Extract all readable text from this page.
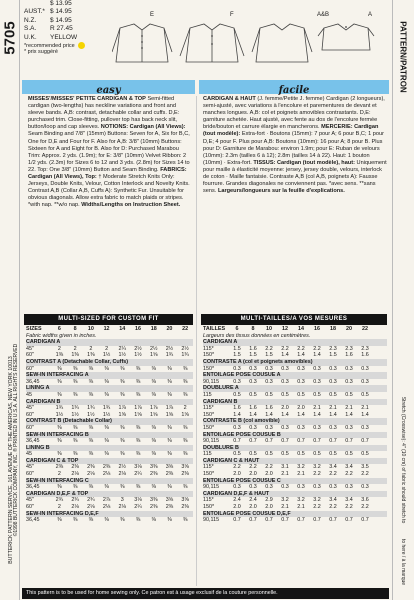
5705
BUTTERICK PATTERN SERVICE, 161 AVENUE OF THE AMERICAS, NEW YORK 10013 ©1998 BUTTERICK COMPANY, INC. ® PRINTED IN U.S.A. ALL RIGHTS RESERVED
PATTERN/PATRON
Stretch (Crosswise): 4" (10 cm) of fabric should stretch to
to here / à la marque
$ 13.95
AUST.* $ 14.95
N.Z.	$ 14.95
S.A.	R 27.45
U.K.	YELLOW
*recommended price
* prix suggéré
E	F	A&B	A
easy	facile
MISSES'/MISSES' PETITE CARDIGAN & TOP Semi-fitted cardigan (two-lengths) has neckline variations and front and sleeve bands. A,B: contrast, detachable collar and cuffs. D,E: purchased trim. Close-fitting, pullover top has back neck slit, button/loop and cap sleeves. NOTIONS: Cardigan (All Views): Seam Binding and 7/8" (15mm) Buttons: Seven for A, Six for B,C, One for D,E and Four for F. Also for A,B: 3/8" (10mm) Buttons: Sixteen for A and Eight for B. Also for D: Purchased Marabou Trim: Approx. 2 yds. (1.9m); for E: 3/8" (10mm) Velvet Ribbon: 2 1/2 yds. (2.3m) for Sizes 6 to 12 and 3 yds. (2.8m) for Sizes 14 to 22. Top: One 3/8" (10mm) Button and Seam Binding. FABRICS: Cardigan (All Views), Top: † Moderate Stretch Knits Only: Jerseys, Double Knits, Velour, Cotton Interlock and Novelty Knits. Contrast A,B (Collar A,B, Cuffs A): Synthetic Fur. Unsuitable for obvious diagonals. Allow extra fabric to match plaids or stripes. *with nap. **w/o nap. Widths/Lengths on Instruction Sheet.
CARDIGAN & HAUT (J. femme/Petite J. femme) Cardigan (2 longueurs), semi-ajusté, avec variations à l'encolure et parementures de devant et manches longues. A,B: col et poignets amovibles contrastants. D,E: garniture achetée. Haut ajusté, avec fente au dos de l'encolure fermée bride/bouton et carrure élargie en mancherons. MERCERIE: Cardigan (tout modèle): Extra-fort · Boutons (15mm): 7 pour A; 6 pour B,C; 1 pour D,E; 4 pour F. Plus pour A,B: Boutons (10mm): 16 pour A; 8 pour B. Plus pour D: Garniture de Marabou: environ 1.9m; pour E: Ruban de velours (10mm): 2.3m (tailles 6 à 12); 2.8m (tailles 14 à 22). Haut: 1 bouton (10mm) · Extra-fort. TISSUS: Cardigan (tout modèle), haut: Uniquement pour maille à élasticité moyenne: jersey, jersey double, velours, interlock de coton · Maille fantaisie. Contraste A,B (col A,B, poignets A): Fausse fourrure. Grandes diagonales ne conviennent pas. *avec sens. **sans sens. Largeurs/longueurs sur la feuille d'explications.
MULTI-SIZED FOR CUSTOM FIT	MULTI-TAILLES/A VOS MESURES
SIZES	6	8	10	12	14	16	18	20	22
Fabric widths given in inches.
CARDIGAN A
45"	2	2	2	2	2¼	2½	2½	2½	2½
60"	1⅜	1⅜	1⅜	1½	1½	1½	1⅝	1¾	1¾
CONTRAST A (Detachable Collar, Cuffs)
60"	⅜	⅜	⅜	⅜	⅜	⅜	⅜	⅜	⅜
SEW-IN INTERFACING A
36,45	⅜	⅜	⅜	⅜	⅜	⅜	⅜	⅜	⅜
LINING A
45	⅜	⅜	⅜	⅜	⅜	⅜	⅜	⅜	⅜
CARDIGAN B
45"	1¾	1¾	1¾	1¾	1⅞	1⅞	1⅞	1⅞	2
60"	1½	1½	1½	1½	1⅝	1⅝	1⅝	1⅝	1⅝
CONTRAST B (Detachable Collar)
60"	⅜	⅜	⅜	⅜	⅜	⅜	⅜	⅜	⅜
SEW-IN INTERFACING B
36,45	⅜	⅜	⅜	⅜	⅜	⅜	⅜	⅜	⅜
LINING B
45	⅜	⅜	⅜	⅜	⅜	⅜	⅜	⅜	⅜
CARDIGAN C & TOP
45"	2⅜	2⅜	2⅜	2⅜	2½	3⅛	3⅜	3⅝	3⅝
60"	2	2⅛	2⅛	2⅛	2⅛	2¼	2⅜	2⅜	2⅜
SEW-IN INTERFACING C
36,45	⅜	⅜	⅜	⅜	⅜	⅜	⅜	⅜	⅜
CARDIGAN D,E,F & TOP
45"	2¾	2¾	2¾	2⅞	3	3⅛	3⅜	3⅝	3⅝
60"	2	2⅛	2⅛	2⅛	2⅛	2¼	2⅜	2⅜	2⅜
SEW-IN INTERFACING D,E,F
36,45	⅜	⅜	⅜	⅜	⅜	⅜	⅜	⅜	⅜
TAILLES	6	8	10	12	14	16	18	20	22
Largeurs des tissus données en centimètres.
CARDIGAN A
115*	1.5	1.6	2.2	2.2	2.2	2.2	2.3	2.3	2.3
150*	1.5	1.5	1.5	1.4	1.4	1.4	1.5	1.6	1.6
CONTRASTE A (col et poignets amovibles)
150*	0.3	0.3	0.3	0.3	0.3	0.3	0.3	0.3	0.3
ENTOILAGE POSE COUSUE A
90,115	0.3	0.3	0.3	0.3	0.3	0.3	0.3	0.3	0.3
DOUBLURE A
115	0.5	0.5	0.5	0.5	0.5	0.5	0.5	0.5	0.5
CARDIGAN B
115*	1.6	1.6	1.6	2.0	2.0	2.1	2.1	2.1	2.1
150*	1.4	1.4	1.4	1.4	1.4	1.4	1.4	1.4	1.4
CONTRASTE B (col amovible)
150*	0.3	0.3	0.3	0.3	0.3	0.3	0.3	0.3	0.3
ENTOILAGE POSE COUSUE B
90,115	0.7	0.7	0.7	0.7	0.7	0.7	0.7	0.7	0.7
DOUBLURE B
115	0.5	0.5	0.5	0.5	0.5	0.5	0.5	0.5	0.5
CARDIGAN C & HAUT
115*	2.2	2.2	2.2	3.1	3.2	3.2	3.4	3.4	3.5
150*	2.0	2.0	2.0	2.1	2.1	2.2	2.2	2.2	2.2
ENTOILAGE POSE COUSUE C
90,115	0.3	0.3	0.3	0.3	0.3	0.3	0.3	0.3	0.3
CARDIGAN D,E,F & HAUT
115*	2.4	2.4	2.9	3.2	3.2	3.2	3.4	3.4	3.6
150*	2.0	2.0	2.0	2.1	2.1	2.2	2.2	2.2	2.2
ENTOILAGE POSE COUSUE D,E,F
90,115	0.7	0.7	0.7	0.7	0.7	0.7	0.7	0.7	0.7
This pattern is to be used for home sewing only. Ce patron est à usage exclusif de la couture personnelle.
